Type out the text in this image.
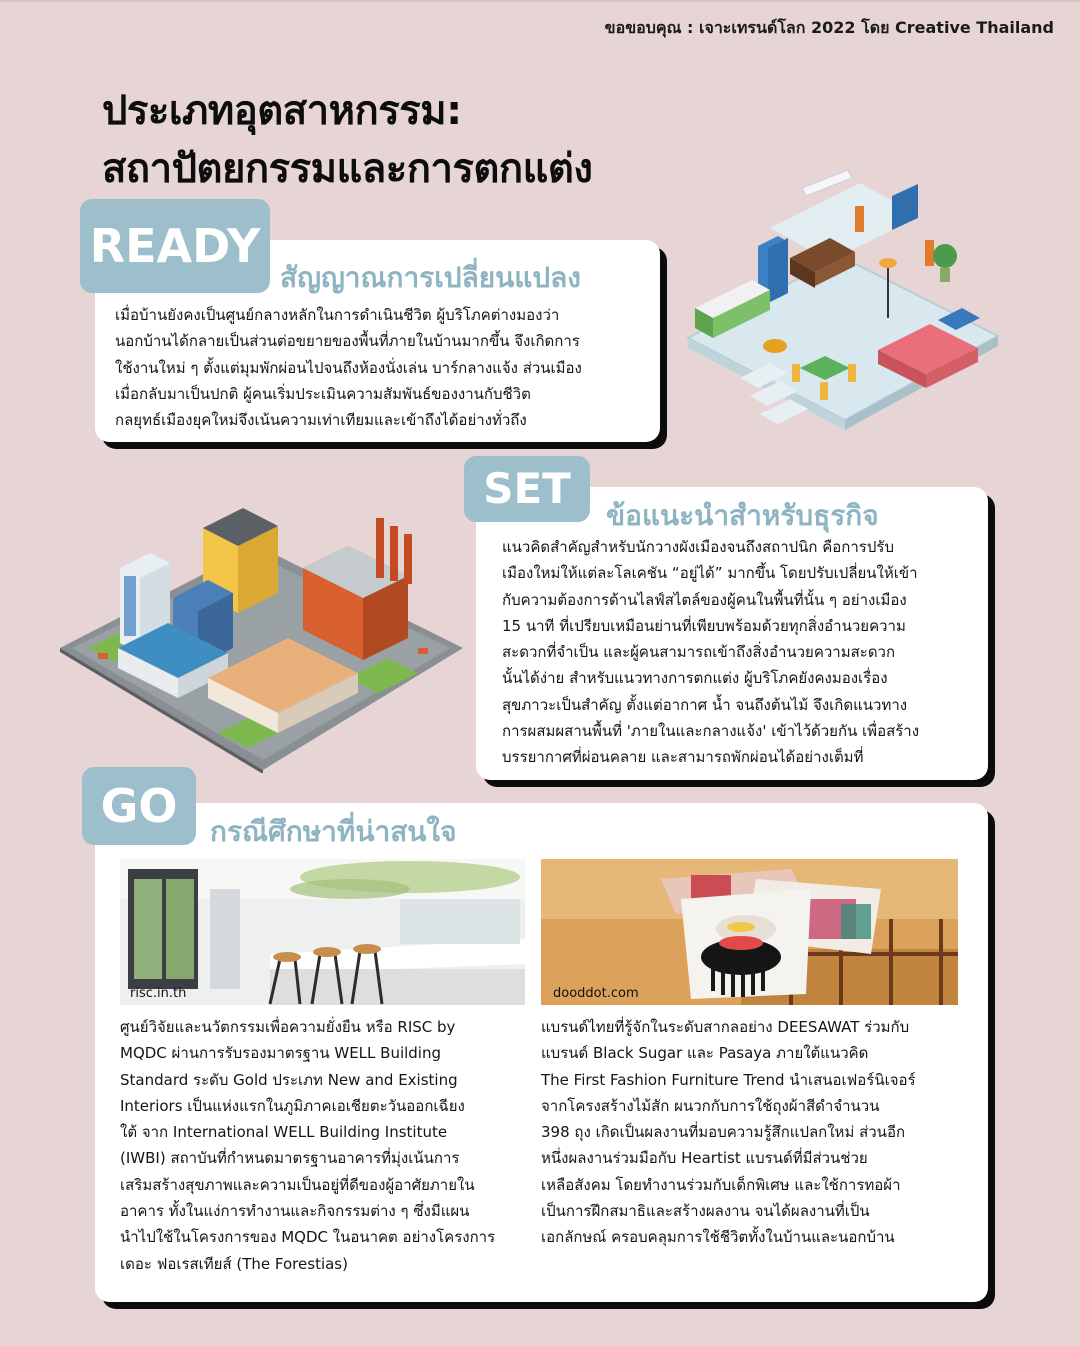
ขอขอบคุณ : เจาะเทรนด์โลก 2022 โดย Creative Thailand
ประเภทอุตสาหกรรม:
สถาปัตยกรรมและการตกแต่ง
READY
สัญญาณการเปลี่ยนแปลง

เมื่อบ้านยังคงเป็นศูนย์กลางหลักในการดำเนินชีวิต ผู้บริโภคต่างมองว่า

นอกบ้านได้กลายเป็นส่วนต่อขยายของพื้นที่ภายในบ้านมากขึ้น จึงเกิดการ

ใช้งานใหม่ ๆ ตั้งแต่มุมพักผ่อนไปจนถึงห้องนั่งเล่น บาร์กลางแจ้ง ส่วนเมือง

เมื่อกลับมาเป็นปกติ ผู้คนเริ่มประเมินความสัมพันธ์ของงานกับชีวิต

กลยุทธ์เมืองยุคใหม่จึงเน้นความเท่าเทียมและเข้าถึงได้อย่างทั่วถึง

SET
ข้อแนะนำสำหรับธุรกิจ

แนวคิดสำคัญสำหรับนักวางผังเมืองจนถึงสถาปนิก คือการปรับ

เมืองใหม่ให้แต่ละโลเคชัน “อยู่ได้” มากขึ้น โดยปรับเปลี่ยนให้เข้า

กับความต้องการด้านไลฟ์สไตล์ของผู้คนในพื้นที่นั้น ๆ อย่างเมือง

15 นาที ที่เปรียบเหมือนย่านที่เพียบพร้อมด้วยทุกสิ่งอำนวยความ

สะดวกที่จำเป็น และผู้คนสามารถเข้าถึงสิ่งอำนวยความสะดวก

นั้นได้ง่าย สำหรับแนวทางการตกแต่ง ผู้บริโภคยังคงมองเรื่อง

สุขภาวะเป็นสำคัญ ตั้งแต่อากาศ น้ำ จนถึงต้นไม้ จึงเกิดแนวทาง

การผสมผสานพื้นที่ 'ภายในและกลางแจ้ง' เข้าไว้ด้วยกัน เพื่อสร้าง

บรรยากาศที่ผ่อนคลาย และสามารถพักผ่อนได้อย่างเต็มที่

GO	กรณีศึกษาที่น่าสนใจ
risc.in.th	dooddot.com

ศูนย์วิจัยและนวัตกรรมเพื่อความยั่งยืน หรือ RISC by

MQDC ผ่านการรับรองมาตรฐาน WELL Building

Standard ระดับ Gold ประเภท New and Existing

Interiors เป็นแห่งแรกในภูมิภาคเอเชียตะวันออกเฉียง

ใต้ จาก International WELL Building Institute

(IWBI) สถาบันที่กำหนดมาตรฐานอาคารที่มุ่งเน้นการ

เสริมสร้างสุขภาพและความเป็นอยู่ที่ดีของผู้อาศัยภายใน

อาคาร ทั้งในแง่การทำงานและกิจกรรมต่าง ๆ ซึ่งมีแผน

นำไปใช้ในโครงการของ MQDC ในอนาคต อย่างโครงการ

เดอะ ฟอเรสเทียส์ (The Forestias)

แบรนด์ไทยที่รู้จักในระดับสากลอย่าง DEESAWAT ร่วมกับ

แบรนด์ Black Sugar และ Pasaya ภายใต้แนวคิด

The First Fashion Furniture Trend นำเสนอเฟอร์นิเจอร์

จากโครงสร้างไม้สัก ผนวกกับการใช้ถุงผ้าสีดำจำนวน

398 ถุง เกิดเป็นผลงานที่มอบความรู้สึกแปลกใหม่ ส่วนอีก

หนึ่งผลงานร่วมมือกับ Heartist แบรนด์ที่มีส่วนช่วย

เหลือสังคม โดยทำงานร่วมกับเด็กพิเศษ และใช้การทอผ้า

เป็นการฝึกสมาธิและสร้างผลงาน จนได้ผลงานที่เป็น

เอกลักษณ์ ครอบคลุมการใช้ชีวิตทั้งในบ้านและนอกบ้าน
